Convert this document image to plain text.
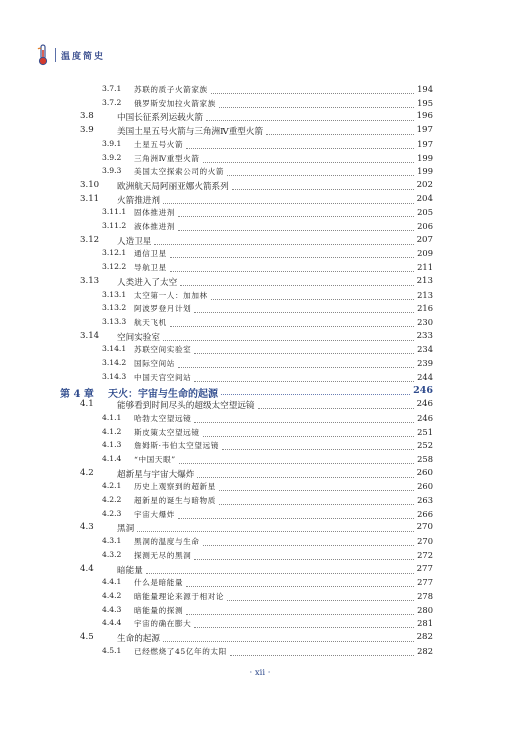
温度简史
3.7.1 苏联的质子火箭家族	194
3.7.2 俄罗斯安加拉火箭家族	195
3.8	中国长征系列运载火箭	196
3.9	美国土星五号火箭与三角洲Ⅳ重型火箭	197
3.9.1 土星五号火箭	197
3.9.2 三角洲Ⅳ重型火箭	199
3.9.3 美国太空探索公司的火箭	199
3.10 欧洲航天局阿丽亚娜火箭系列	202
3.11 火箭推进剂	204
3.11.1 固体推进剂	205
3.11.2 液体推进剂	206
3.12 人造卫星	207
3.12.1 通信卫星	209
3.12.2 导航卫星	211
3.13 人类进入了太空	213
3.13.1 太空第一人：加加林	213
3.13.2 阿波罗登月计划	216
3.13.3 航天飞机	230
3.14 空间实验室	233
3.14.1 苏联空间实验室	234
3.14.2 国际空间站	239
3.14.3 中国天宫空间站	244
第 4 章 天火：宇宙与生命的起源	246
4.1	能够看到时间尽头的超级太空望远镜	246
4.1.1 哈勃太空望远镜	246
4.1.2 斯皮策太空望远镜	251
4.1.3 詹姆斯·韦伯太空望远镜	252
4.1.4 “中国天眼”	258
4.2	超新星与宇宙大爆炸	260
4.2.1 历史上观察到的超新星	260
4.2.2 超新星的诞生与暗物质	263
4.2.3 宇宙大爆炸	266
4.3	黑洞	270
4.3.1 黑洞的温度与生命	270
4.3.2 探测无尽的黑洞	272
4.4	暗能量	277
4.4.1 什么是暗能量	277
4.4.2 暗能量理论来源于相对论	278
4.4.3 暗能量的探测	280
4.4.4 宇宙的确在膨大	281
4.5	生命的起源	282
4.5.1 已经燃烧了45亿年的太阳	282
· xii ·
